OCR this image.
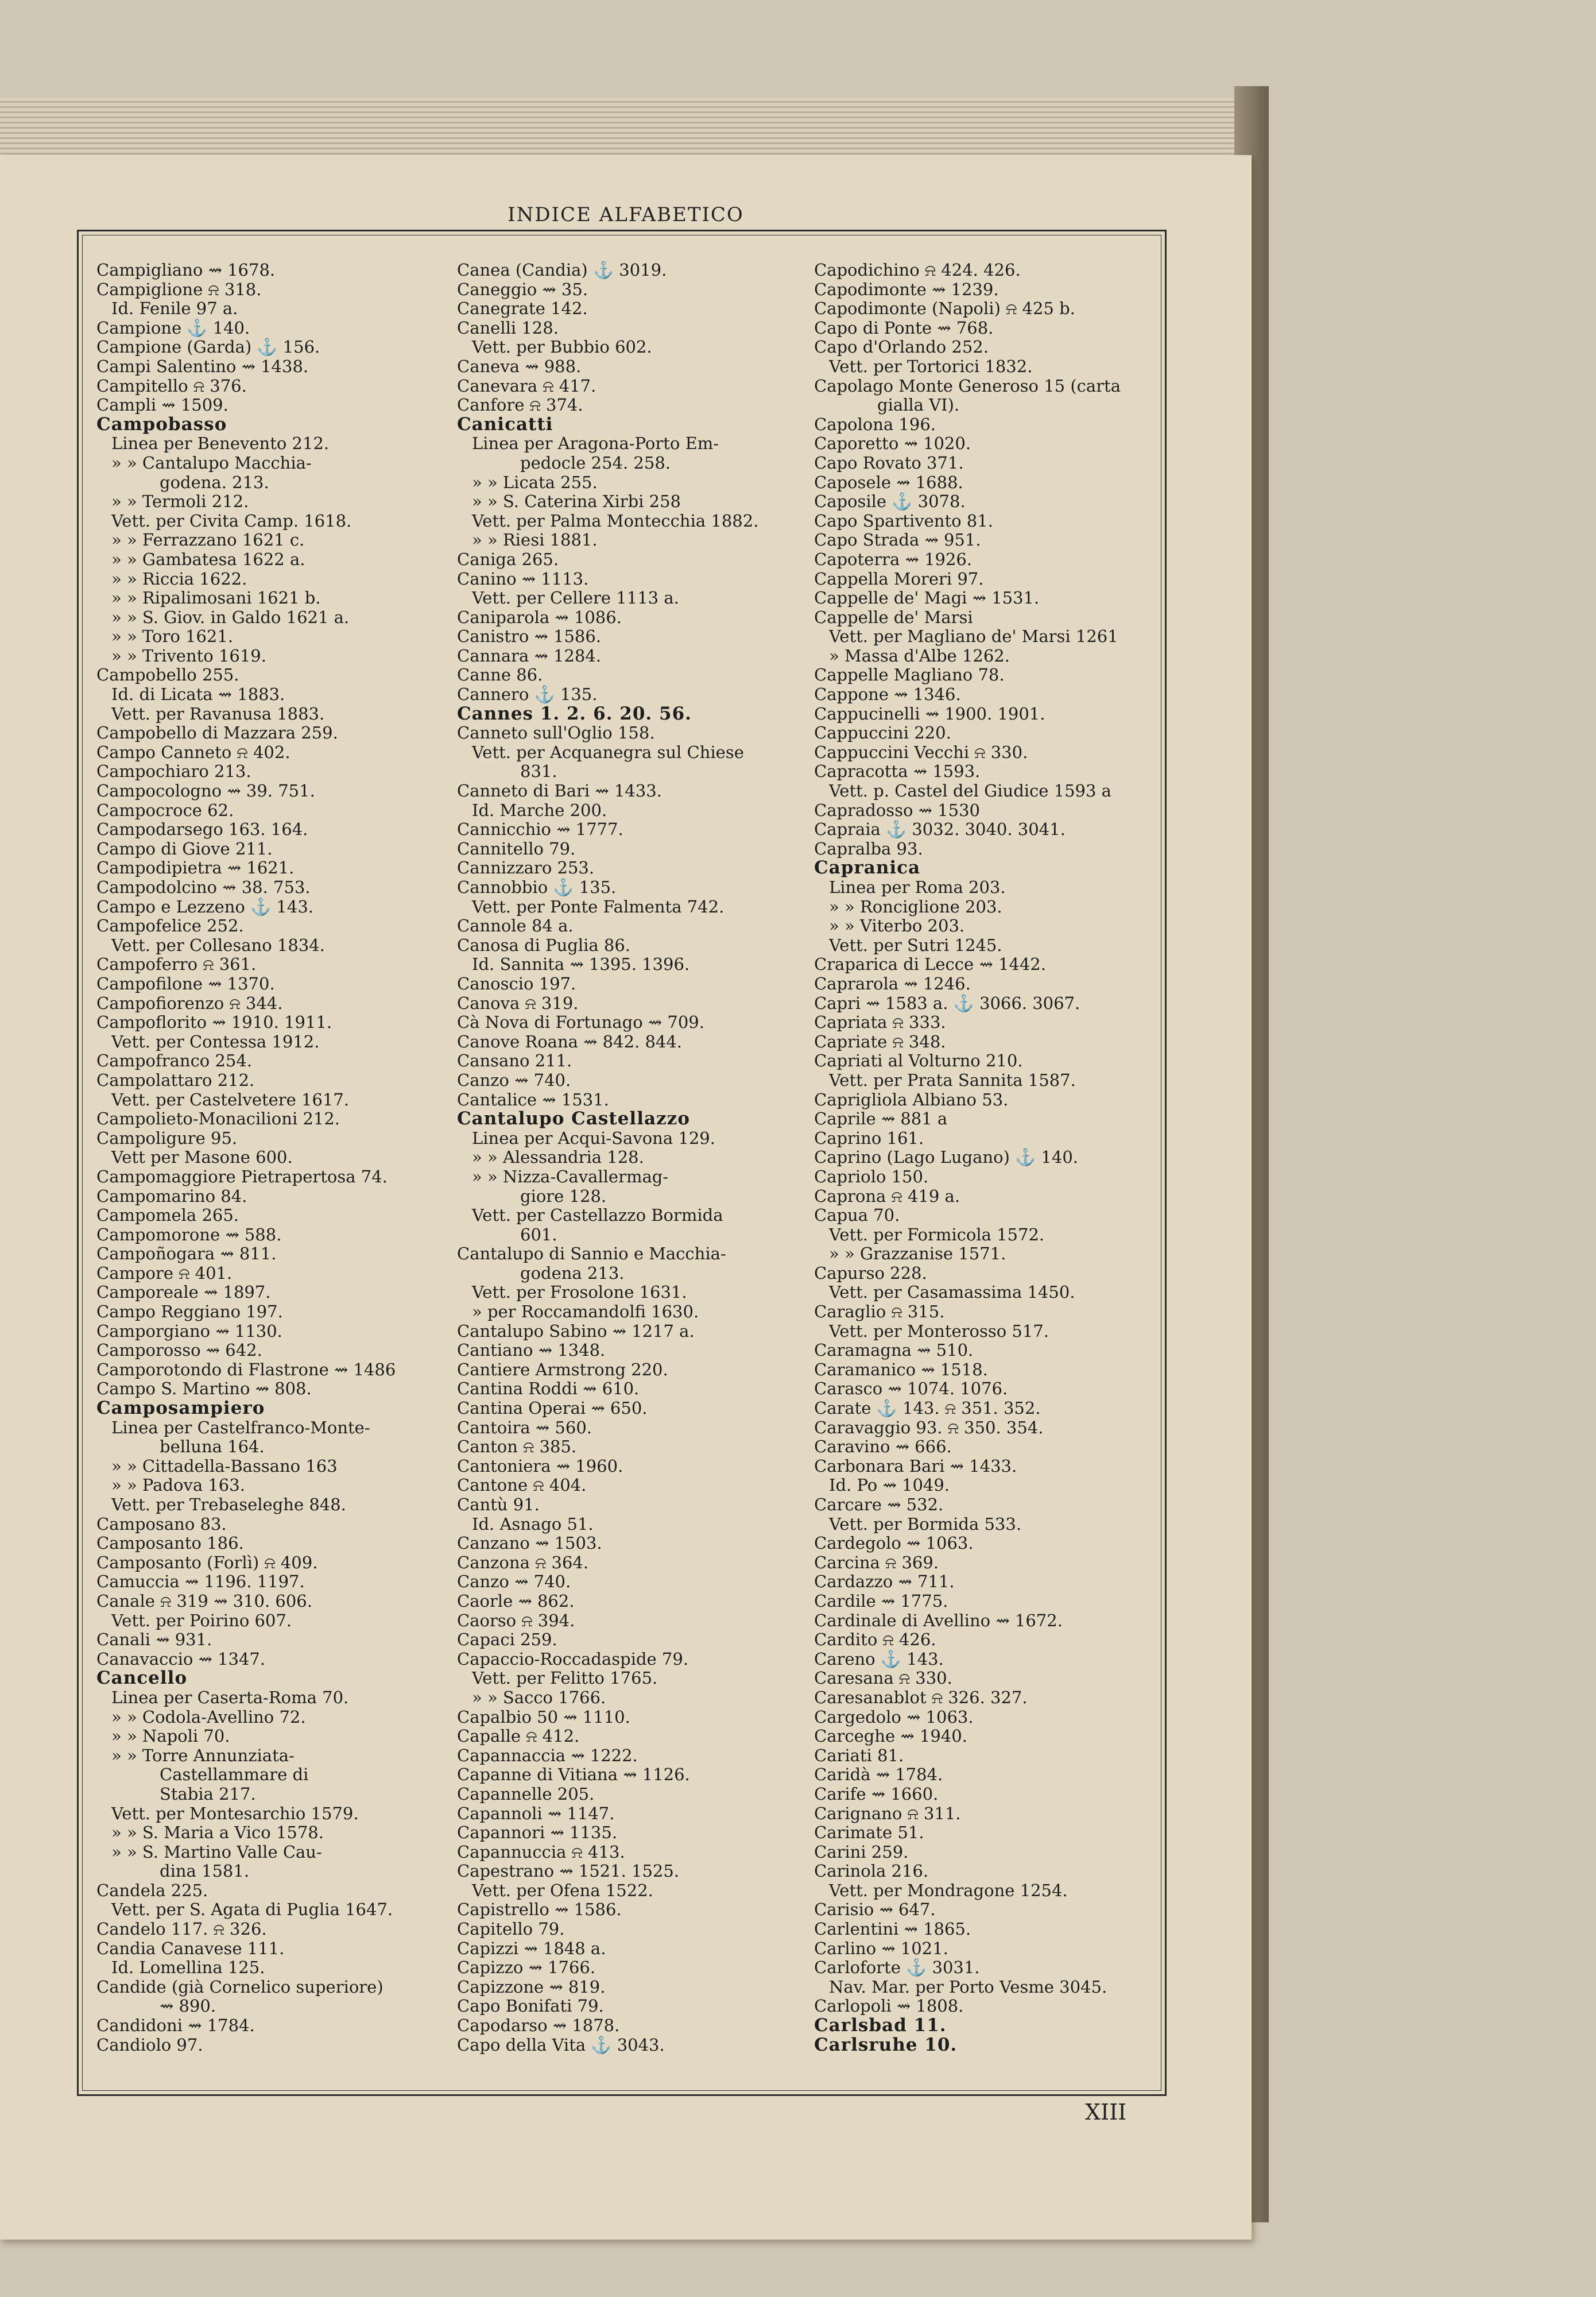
INDICE ALFABETICO
XIII
Campigliano ⇝ 1678.
Campiglione ⍾ 318.
Id. Fenile 97 a.
Campione ⚓ 140.
Campione (Garda) ⚓ 156.
Campi Salentino ⇝ 1438.
Campitello ⍾ 376.
Campli ⇝ 1509.
Campobasso
Linea per Benevento 212.
» » Cantalupo Macchia-
godena. 213.
» » Termoli 212.
Vett. per Civita Camp. 1618.
» » Ferrazzano 1621 c.
» » Gambatesa 1622 a.
» » Riccia 1622.
» » Ripalimosani 1621 b.
» » S. Giov. in Galdo 1621 a.
» » Toro 1621.
» » Trivento 1619.
Campobello 255.
Id. di Licata ⇝ 1883.
Vett. per Ravanusa 1883.
Campobello di Mazzara 259.
Campo Canneto ⍾ 402.
Campochiaro 213.
Campocologno ⇝ 39. 751.
Campocroce 62.
Campodarsego 163. 164.
Campo di Giove 211.
Campodipietra ⇝ 1621.
Campodolcino ⇝ 38. 753.
Campo e Lezzeno ⚓ 143.
Campofelice 252.
Vett. per Collesano 1834.
Campoferro ⍾ 361.
Campofilone ⇝ 1370.
Campofiorenzo ⍾ 344.
Campoflorito ⇝ 1910. 1911.
Vett. per Contessa 1912.
Campofranco 254.
Campolattaro 212.
Vett. per Castelvetere 1617.
Campolieto-Monacilioni 212.
Campoligure 95.
Vett per Masone 600.
Campomaggiore Pietrapertosa 74.
Campomarino 84.
Campomela 265.
Campomorone ⇝ 588.
Campoñogara ⇝ 811.
Campore ⍾ 401.
Camporeale ⇝ 1897.
Campo Reggiano 197.
Camporgiano ⇝ 1130.
Camporosso ⇝ 642.
Camporotondo di Flastrone ⇝ 1486
Campo S. Martino ⇝ 808.
Camposampiero
Linea per Castelfranco-Monte-
belluna 164.
» » Cittadella-Bassano 163
» » Padova 163.
Vett. per Trebaseleghe 848.
Camposano 83.
Camposanto 186.
Camposanto (Forlì) ⍾ 409.
Camuccia ⇝ 1196. 1197.
Canale ⍾ 319 ⇝ 310. 606.
Vett. per Poirino 607.
Canali ⇝ 931.
Canavaccio ⇝ 1347.
Cancello
Linea per Caserta-Roma 70.
» » Codola-Avellino 72.
» » Napoli 70.
» » Torre Annunziata-
Castellammare di
Stabia 217.
Vett. per Montesarchio 1579.
» » S. Maria a Vico 1578.
» » S. Martino Valle Cau-
dina 1581.
Candela 225.
Vett. per S. Agata di Puglia 1647.
Candelo 117. ⍾ 326.
Candia Canavese 111.
Id. Lomellina 125.
Candide (già Cornelico superiore)
⇝ 890.
Candidoni ⇝ 1784.
Candiolo 97.
Canea (Candia) ⚓ 3019.
Caneggio ⇝ 35.
Canegrate 142.
Canelli 128.
Vett. per Bubbio 602.
Caneva ⇝ 988.
Canevara ⍾ 417.
Canfore ⍾ 374.
Canicatti
Linea per Aragona-Porto Em-
pedocle 254. 258.
» » Licata 255.
» » S. Caterina Xirbi 258
Vett. per Palma Montecchia 1882.
» » Riesi 1881.
Caniga 265.
Canino ⇝ 1113.
Vett. per Cellere 1113 a.
Caniparola ⇝ 1086.
Canistro ⇝ 1586.
Cannara ⇝ 1284.
Canne 86.
Cannero ⚓ 135.
Cannes 1. 2. 6. 20. 56.
Canneto sull'Oglio 158.
Vett. per Acquanegra sul Chiese
831.
Canneto di Bari ⇝ 1433.
Id. Marche 200.
Cannicchio ⇝ 1777.
Cannitello 79.
Cannizzaro 253.
Cannobbio ⚓ 135.
Vett. per Ponte Falmenta 742.
Cannole 84 a.
Canosa di Puglia 86.
Id. Sannita ⇝ 1395. 1396.
Canoscio 197.
Canova ⍾ 319.
Cà Nova di Fortunago ⇝ 709.
Canove Roana ⇝ 842. 844.
Cansano 211.
Canzo ⇝ 740.
Cantalice ⇝ 1531.
Cantalupo Castellazzo
Linea per Acqui-Savona 129.
» » Alessandria 128.
» » Nizza-Cavallermag-
giore 128.
Vett. per Castellazzo Bormida
601.
Cantalupo di Sannio e Macchia-
godena 213.
Vett. per Frosolone 1631.
» per Roccamandolfi 1630.
Cantalupo Sabino ⇝ 1217 a.
Cantiano ⇝ 1348.
Cantiere Armstrong 220.
Cantina Roddi ⇝ 610.
Cantina Operai ⇝ 650.
Cantoira ⇝ 560.
Canton ⍾ 385.
Cantoniera ⇝ 1960.
Cantone ⍾ 404.
Cantù 91.
Id. Asnago 51.
Canzano ⇝ 1503.
Canzona ⍾ 364.
Canzo ⇝ 740.
Caorle ⇝ 862.
Caorso ⍾ 394.
Capaci 259.
Capaccio-Roccadaspide 79.
Vett. per Felitto 1765.
» » Sacco 1766.
Capalbio 50 ⇝ 1110.
Capalle ⍾ 412.
Capannaccia ⇝ 1222.
Capanne di Vitiana ⇝ 1126.
Capannelle 205.
Capannoli ⇝ 1147.
Capannori ⇝ 1135.
Capannuccia ⍾ 413.
Capestrano ⇝ 1521. 1525.
Vett. per Ofena 1522.
Capistrello ⇝ 1586.
Capitello 79.
Capizzi ⇝ 1848 a.
Capizzo ⇝ 1766.
Capizzone ⇝ 819.
Capo Bonifati 79.
Capodarso ⇝ 1878.
Capo della Vita ⚓ 3043.
Capodichino ⍾ 424. 426.
Capodimonte ⇝ 1239.
Capodimonte (Napoli) ⍾ 425 b.
Capo di Ponte ⇝ 768.
Capo d'Orlando 252.
Vett. per Tortorici 1832.
Capolago Monte Generoso 15 (carta
gialla VI).
Capolona 196.
Caporetto ⇝ 1020.
Capo Rovato 371.
Caposele ⇝ 1688.
Caposile ⚓ 3078.
Capo Spartivento 81.
Capo Strada ⇝ 951.
Capoterra ⇝ 1926.
Cappella Moreri 97.
Cappelle de' Magi ⇝ 1531.
Cappelle de' Marsi
Vett. per Magliano de' Marsi 1261
» Massa d'Albe 1262.
Cappelle Magliano 78.
Cappone ⇝ 1346.
Cappucinelli ⇝ 1900. 1901.
Cappuccini 220.
Cappuccini Vecchi ⍾ 330.
Capracotta ⇝ 1593.
Vett. p. Castel del Giudice 1593 a
Capradosso ⇝ 1530
Capraia ⚓ 3032. 3040. 3041.
Capralba 93.
Capranica
Linea per Roma 203.
» » Ronciglione 203.
» » Viterbo 203.
Vett. per Sutri 1245.
Craparica di Lecce ⇝ 1442.
Caprarola ⇝ 1246.
Capri ⇝ 1583 a. ⚓ 3066. 3067.
Capriata ⍾ 333.
Capriate ⍾ 348.
Capriati al Volturno 210.
Vett. per Prata Sannita 1587.
Caprigliola Albiano 53.
Caprile ⇝ 881 a
Caprino 161.
Caprino (Lago Lugano) ⚓ 140.
Capriolo 150.
Caprona ⍾ 419 a.
Capua 70.
Vett. per Formicola 1572.
» » Grazzanise 1571.
Capurso 228.
Vett. per Casamassima 1450.
Caraglio ⍾ 315.
Vett. per Monterosso 517.
Caramagna ⇝ 510.
Caramanico ⇝ 1518.
Carasco ⇝ 1074. 1076.
Carate ⚓ 143. ⍾ 351. 352.
Caravaggio 93. ⍾ 350. 354.
Caravino ⇝ 666.
Carbonara Bari ⇝ 1433.
Id. Po ⇝ 1049.
Carcare ⇝ 532.
Vett. per Bormida 533.
Cardegolo ⇝ 1063.
Carcina ⍾ 369.
Cardazzo ⇝ 711.
Cardile ⇝ 1775.
Cardinale di Avellino ⇝ 1672.
Cardito ⍾ 426.
Careno ⚓ 143.
Caresana ⍾ 330.
Caresanablot ⍾ 326. 327.
Cargedolo ⇝ 1063.
Carceghe ⇝ 1940.
Cariati 81.
Caridà ⇝ 1784.
Carife ⇝ 1660.
Carignano ⍾ 311.
Carimate 51.
Carini 259.
Carinola 216.
Vett. per Mondragone 1254.
Carisio ⇝ 647.
Carlentini ⇝ 1865.
Carlino ⇝ 1021.
Carloforte ⚓ 3031.
Nav. Mar. per Porto Vesme 3045.
Carlopoli ⇝ 1808.
Carlsbad 11.
Carlsruhe 10.
